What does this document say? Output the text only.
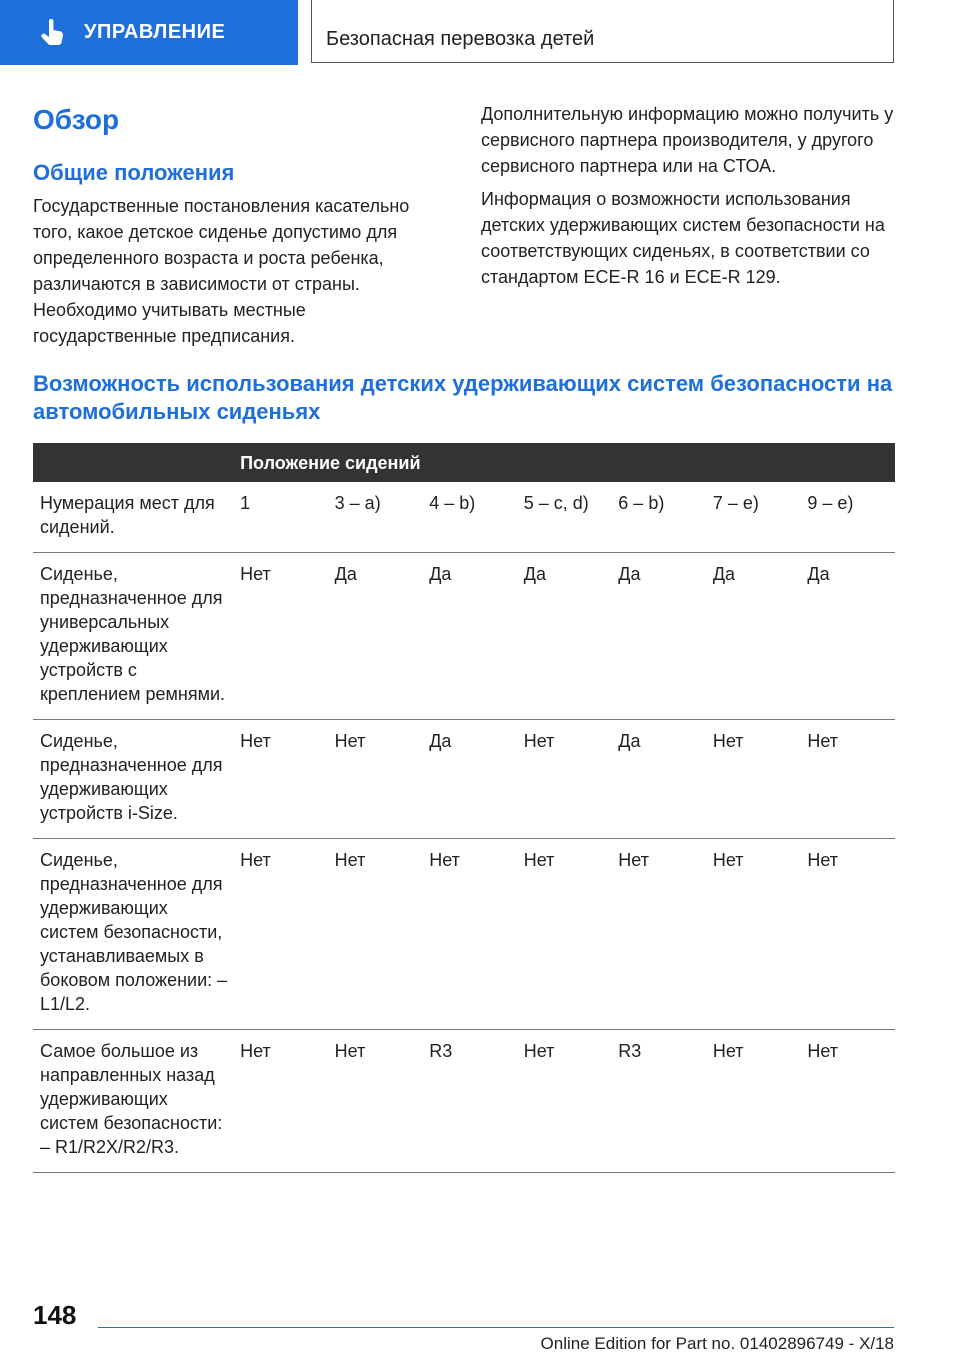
УПРАВЛЕНИЕ	Безопасная перевозка детей
Обзор
Общие положения

Государственные постановления касательно того, какое детское сиденье допустимо для определенного возраста и роста ребенка, различаются в зависимости от страны. Необходимо учитывать местные государственные предписания.

Дополнительную информацию можно получить у сервисного партнера производителя, у другого сервисного партнера или на СТОА.

Информация о возможности использования детских удерживающих систем безопасности на соответствующих сиденьях, в соответствии со стандартом ECE-R 16 и ECE-R 129.

Возможность использования детских удерживающих систем безопасности на автомобильных сиденьях
	Положение сидений						
Нумерация мест для сидений.	1	3 – a)	4 – b)	5 – c, d)	6 – b)	7 – e)	9 – e)
Сиденье, предназначенное для универсальных удерживающих устройств с креплением ремнями.	Нет	Да	Да	Да	Да	Да	Да
Сиденье, предназначенное для удерживающих устройств i-Size.	Нет	Нет	Да	Нет	Да	Нет	Нет
Сиденье, предназначенное для удерживающих систем безопасности, устанавливаемых в боковом положении: – L1/L2.	Нет	Нет	Нет	Нет	Нет	Нет	Нет
Самое большое из направленных назад удерживающих систем безопасности: – R1/R2X/R2/R3.	Нет	Нет	R3	Нет	R3	Нет	Нет
148
Online Edition for Part no. 01402896749 - X/18
